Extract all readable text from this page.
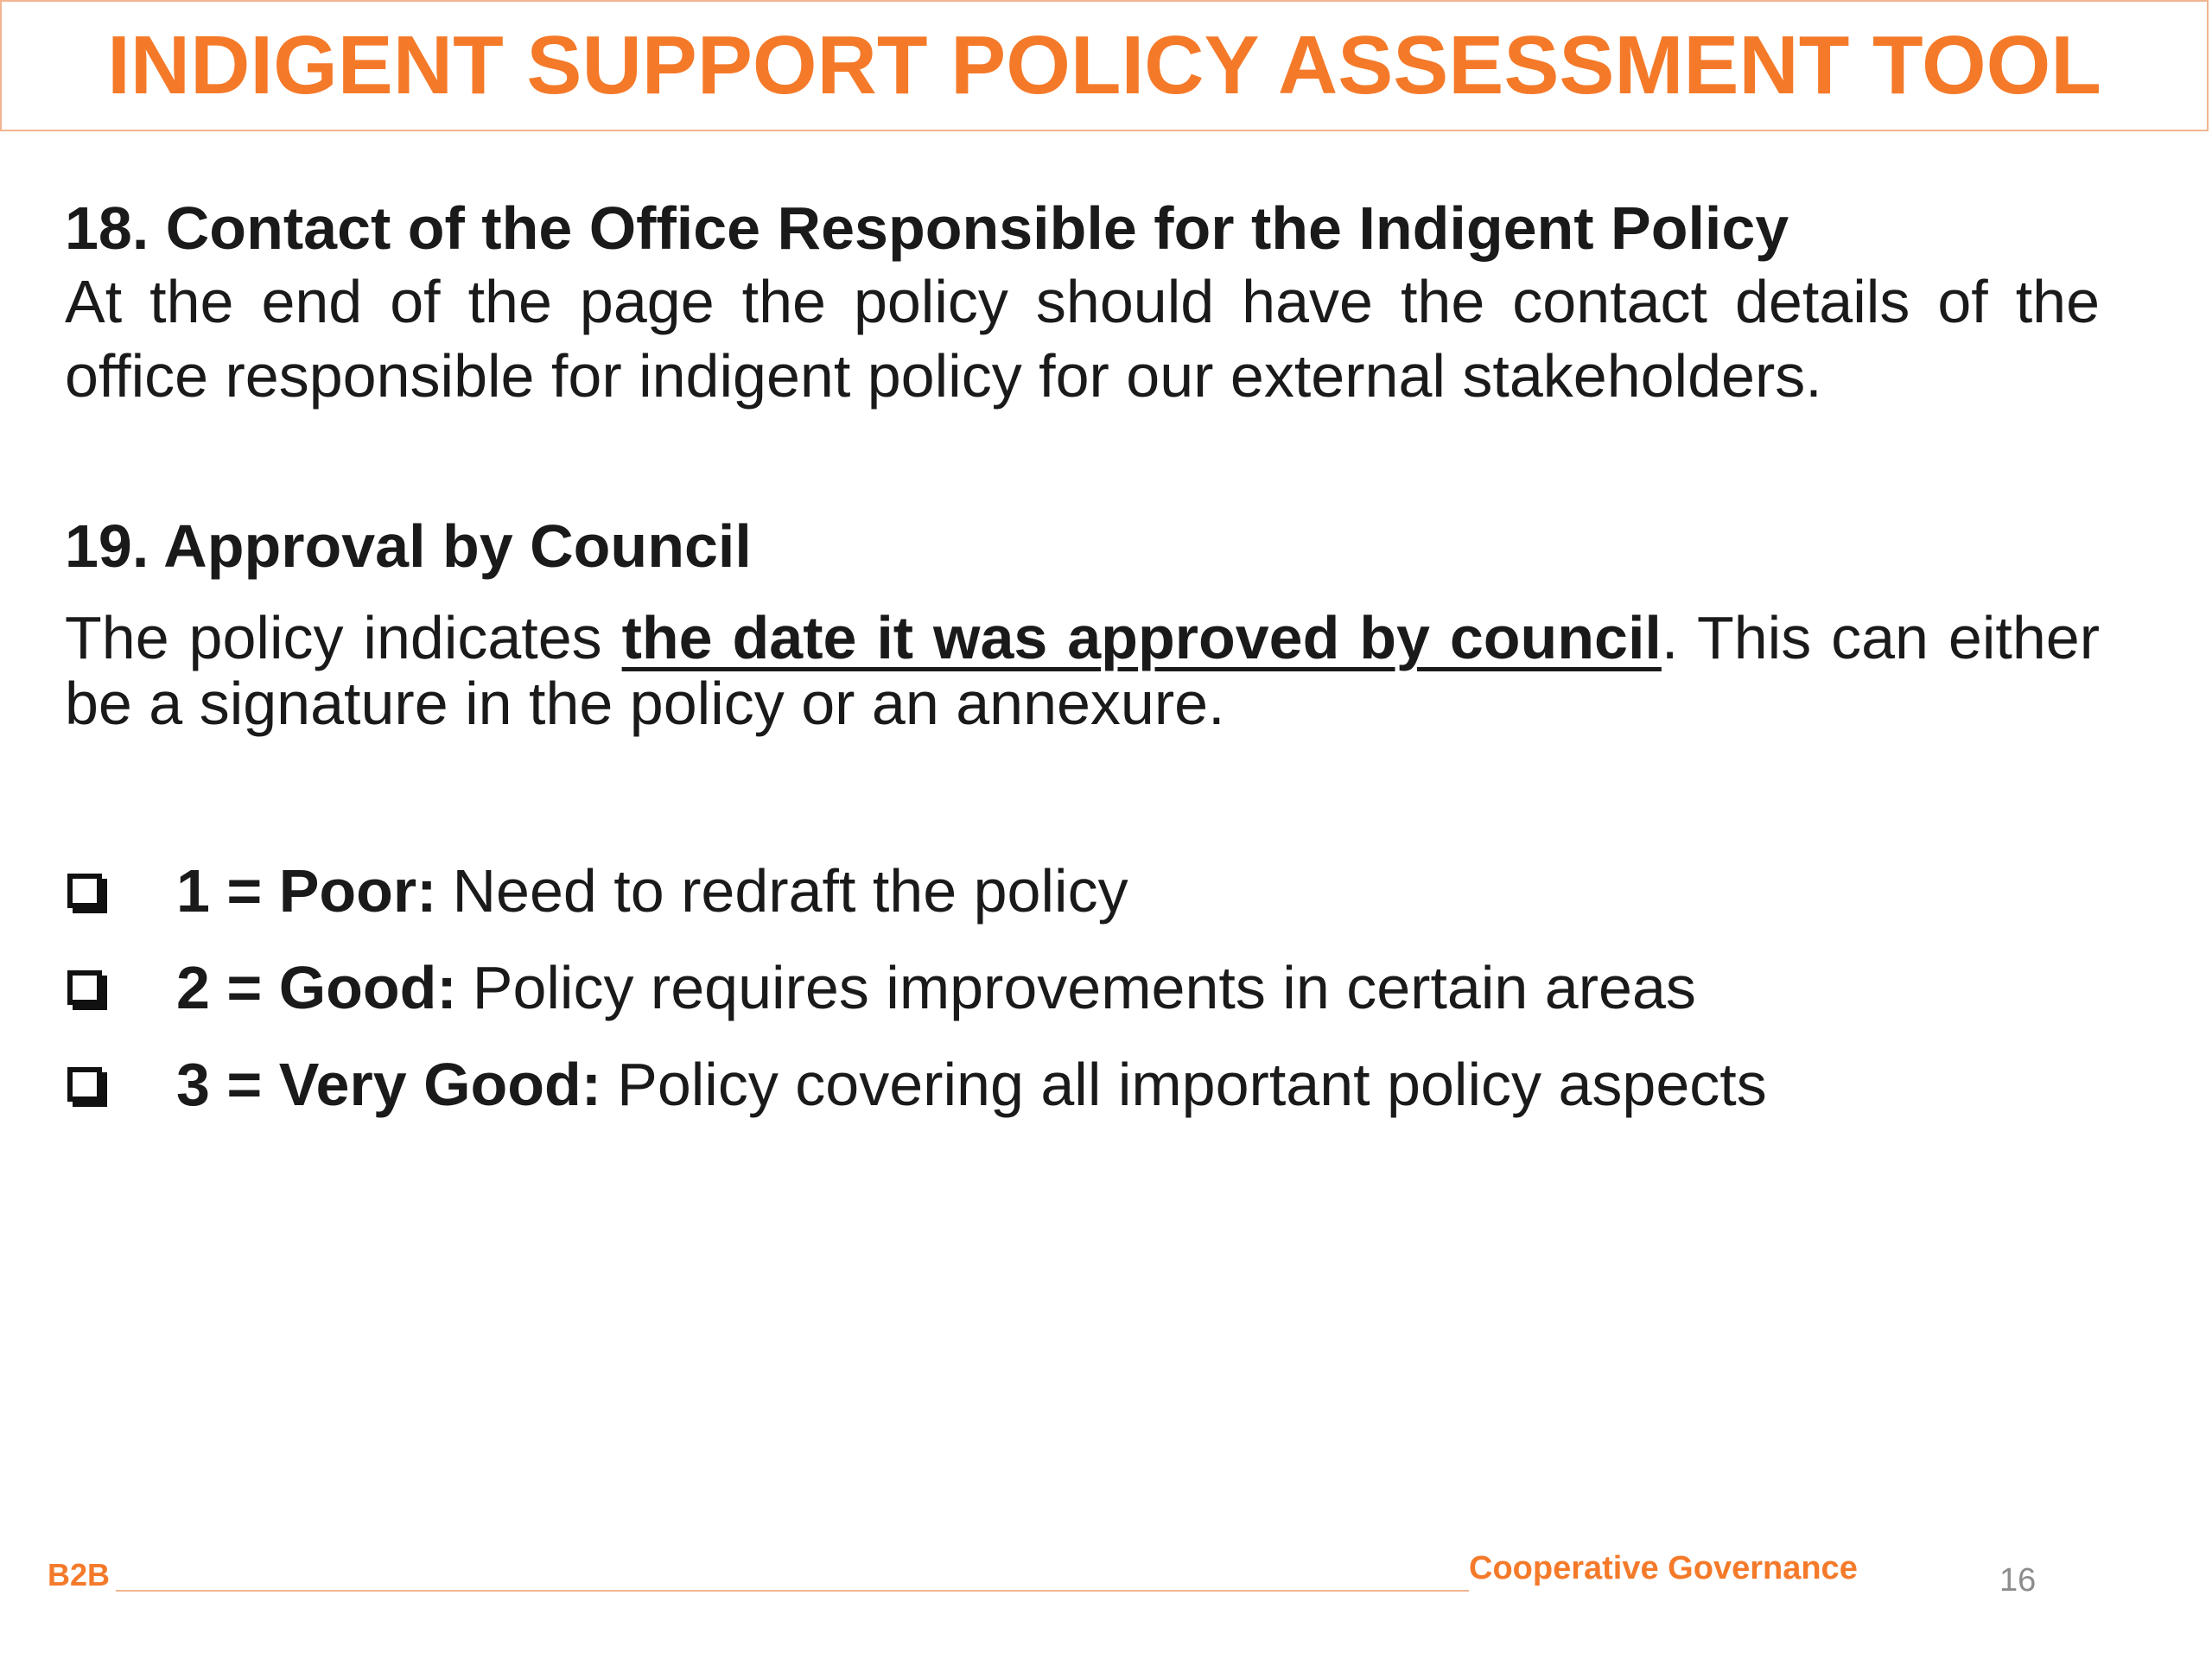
INDIGENT SUPPORT POLICY ASSESSMENT TOOL
18. Contact of the Office Responsible for the Indigent Policy

At the end of the page the policy should have the contact details of the office responsible for indigent policy for our external stakeholders.

19. Approval by Council

The policy indicates the date it was approved by council. This can either be a signature in the policy or an annexure.

1 = Poor: Need to redraft the policy
2 = Good: Policy requires improvements in certain areas
3 = Very Good: Policy covering all important policy aspects
B2B	Cooperative Governance	16
